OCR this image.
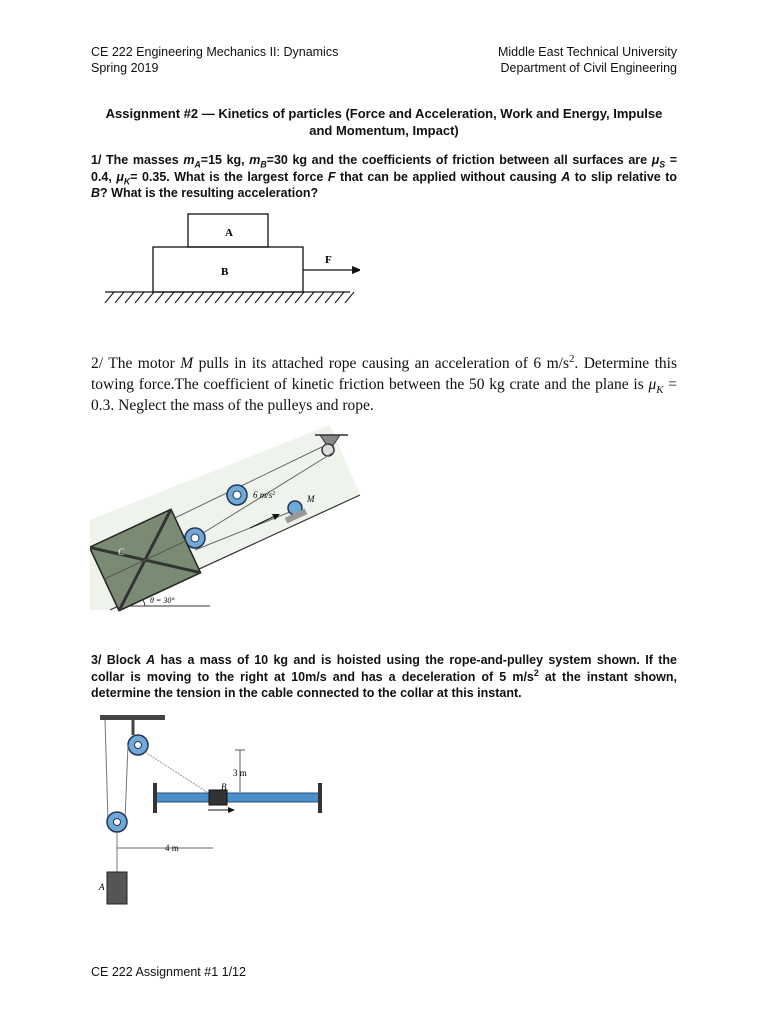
CE 222 Engineering Mechanics II: Dynamics
Spring 2019
Middle East Technical University
Department of Civil Engineering
Assignment #2 — Kinetics of particles (Force and Acceleration, Work and Energy, Impulse
and Momentum, Impact)
1/ The masses $m_A=15$ kg, $m_B=30$ kg and the coefficients of friction between all surfaces are $\mu_S = 0.4$, $\mu_K= 0.35$. What is the largest force F that can be applied without causing A to slip relative to B? What is the resulting acceleration?
A
B
F
2/ The motor M pulls in its attached rope causing an acceleration of 6 $m/s^2$. Determine this towing force.The coefficient of kinetic friction between the 50 kg crate and the plane is $\mu_K = 0.3$. Neglect the mass of the pulleys and rope.
M
6 $m/s^2$
C
θ = 30°
3/ Block A has a mass of 10 kg and is hoisted using the rope-and-pulley system shown. If the collar is moving to the right at 10m/s and has a deceleration of 5 $m/s^2$ at the instant shown, determine the tension in the cable connected to the collar at this instant.
A
B
3 m
4 m
CE 222 Assignment #1 1/12
